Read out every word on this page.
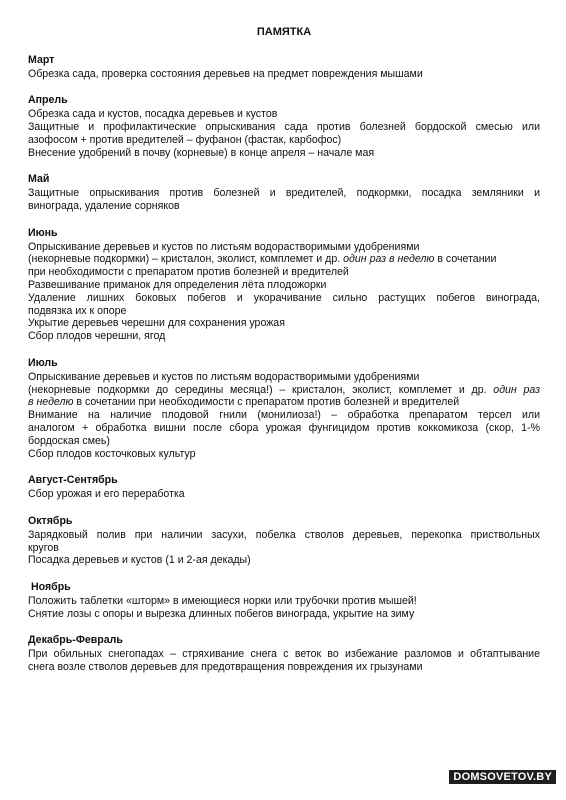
ПАМЯТКА
Март

Обрезка сада, проверка состояния деревьев на предмет повреждения мышами

Апрель

Обрезка сада и кустов, посадка деревьев и кустов

Защитные и профилактические опрыскивания сада против болезней бордоской смесью или

азофосом + против вредителей – фуфанон (фастак, карбофос)

Внесение удобрений в почву (корневые) в конце апреля – начале мая

Май

Защитные опрыскивания против болезней и вредителей, подкормки, посадка земляники и

винограда, удаление сорняков

Июнь

Опрыскивание деревьев и кустов по листьям водорастворимыми удобрениями

(некорневые подкормки) – кристалон, эколист, комплемет и др. один раз в неделю в сочетании

при необходимости с препаратом против болезней и вредителей

Развешивание приманок для определения лёта плодожорки

Удаление лишних боковых побегов и укорачивание сильно растущих побегов винограда,

подвязка их к опоре

Укрытие деревьев черешни для сохранения урожая

Сбор плодов черешни, ягод

Июль

Опрыскивание деревьев и кустов по листьям водорастворимыми удобрениями

(некорневые подкормки до середины месяца!) – кристалон, эколист, комплемет и др. один раз

в неделю в сочетании при необходимости с препаратом против болезней и вредителей

Внимание на наличие плодовой гнили (монилиоза!) – обработка препаратом терсел или

аналогом + обработка вишни после сбора урожая фунгицидом против коккомикоза (скор, 1-%

бордоская смеь)

Сбор плодов косточковых культур

Август-Сентябрь

Сбор урожая и его переработка

Октябрь

Зарядковый полив при наличии засухи, побелка стволов деревьев, перекопка приствольных

кругов

Посадка деревьев и кустов (1 и 2-ая декады)

Ноябрь

Положить таблетки «шторм» в имеющиеся норки или трубочки против мышей!

Снятие лозы с опоры и вырезка длинных побегов винограда, укрытие на зиму

Декабрь-Февраль

При обильных снегопадах – стряхивание снега с веток во избежание разломов и обтаптывание

снега возле стволов деревьев для предотвращения повреждения их грызунами

DOMSOVETOV.BY
